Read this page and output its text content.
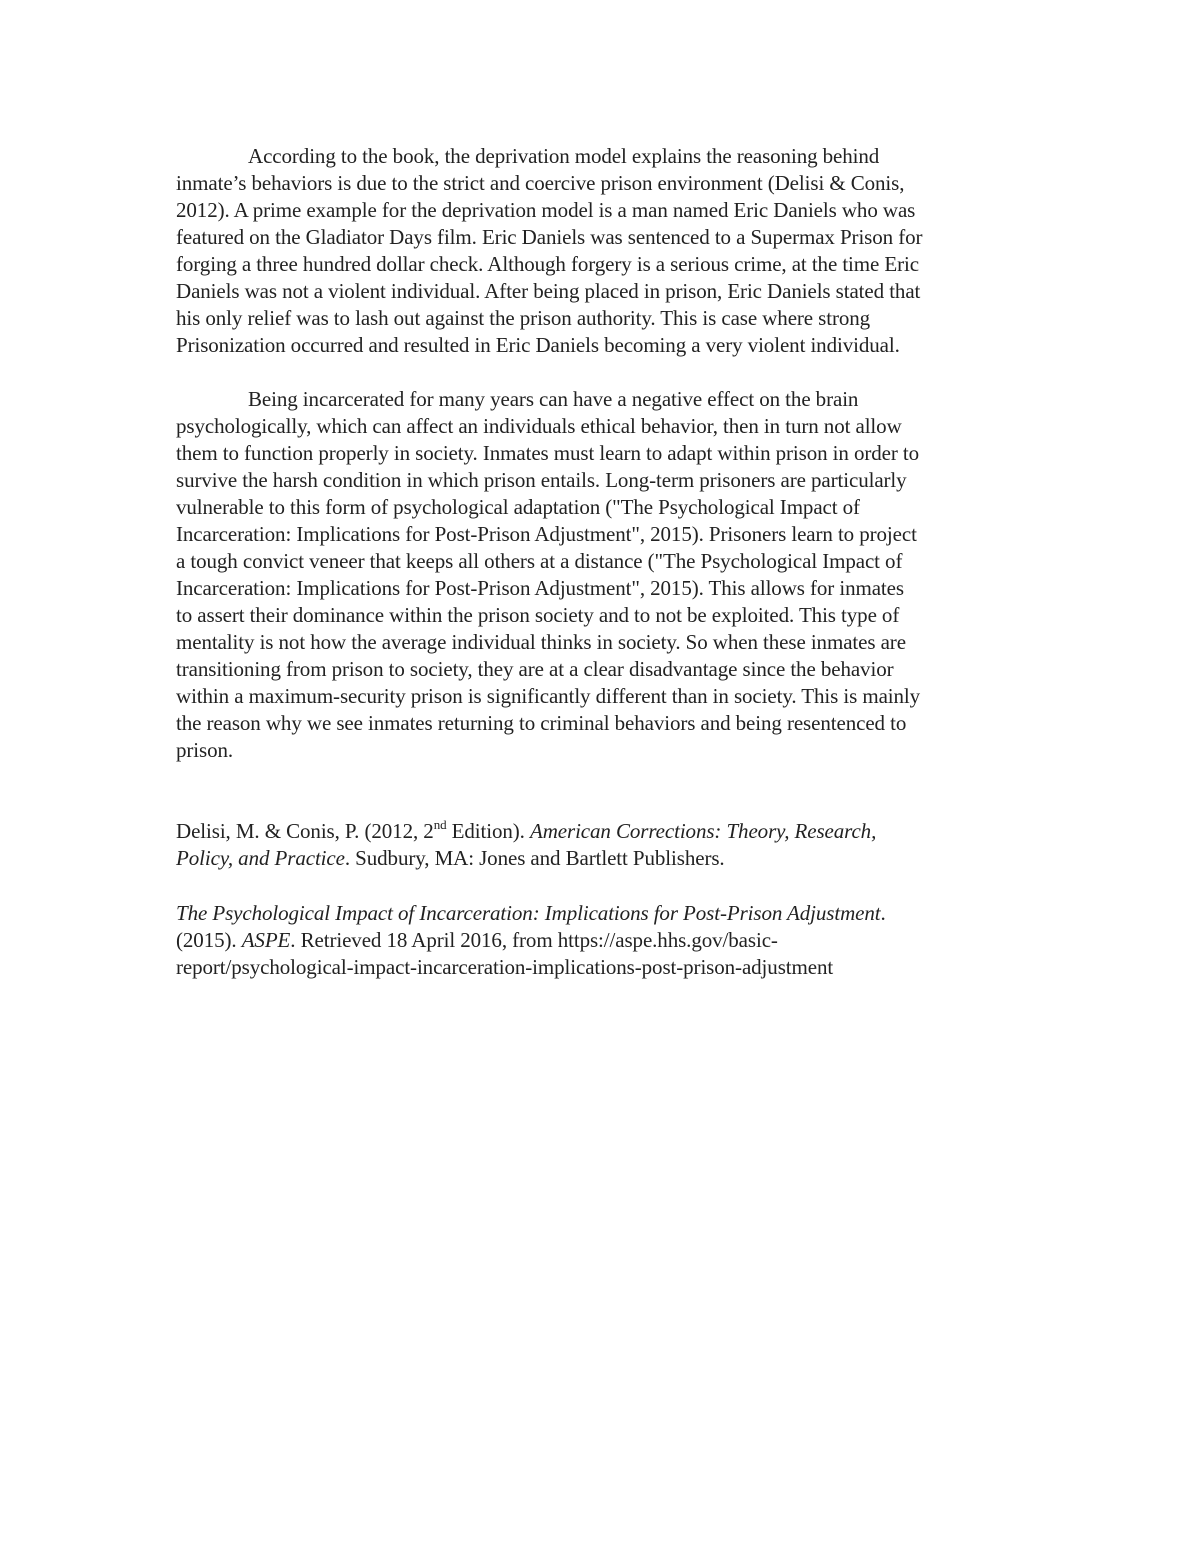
According to the book, the deprivation model explains the reasoning behind
inmate’s behaviors is due to the strict and coercive prison environment (Delisi & Conis,
2012). A prime example for the deprivation model is a man named Eric Daniels who was
featured on the Gladiator Days film. Eric Daniels was sentenced to a Supermax Prison for
forging a three hundred dollar check. Although forgery is a serious crime, at the time Eric
Daniels was not a violent individual. After being placed in prison, Eric Daniels stated that
his only relief was to lash out against the prison authority. This is case where strong
Prisonization occurred and resulted in Eric Daniels becoming a very violent individual.

Being incarcerated for many years can have a negative effect on the brain
psychologically, which can affect an individuals ethical behavior, then in turn not allow
them to function properly in society. Inmates must learn to adapt within prison in order to
survive the harsh condition in which prison entails. Long-term prisoners are particularly
vulnerable to this form of psychological adaptation ("The Psychological Impact of
Incarceration: Implications for Post-Prison Adjustment", 2015). Prisoners learn to project
a tough convict veneer that keeps all others at a distance ("The Psychological Impact of
Incarceration: Implications for Post-Prison Adjustment", 2015). This allows for inmates
to assert their dominance within the prison society and to not be exploited. This type of
mentality is not how the average individual thinks in society. So when these inmates are
transitioning from prison to society, they are at a clear disadvantage since the behavior
within a maximum-security prison is significantly different than in society. This is mainly
the reason why we see inmates returning to criminal behaviors and being resentenced to
prison.

Delisi, M. & Conis, P. (2012, 2nd Edition). American Corrections: Theory, Research,
Policy, and Practice. Sudbury, MA: Jones and Bartlett Publishers.

The Psychological Impact of Incarceration: Implications for Post-Prison Adjustment.
(2015). ASPE. Retrieved 18 April 2016, from https://aspe.hhs.gov/basic-
report/psychological-impact-incarceration-implications-post-prison-adjustment
